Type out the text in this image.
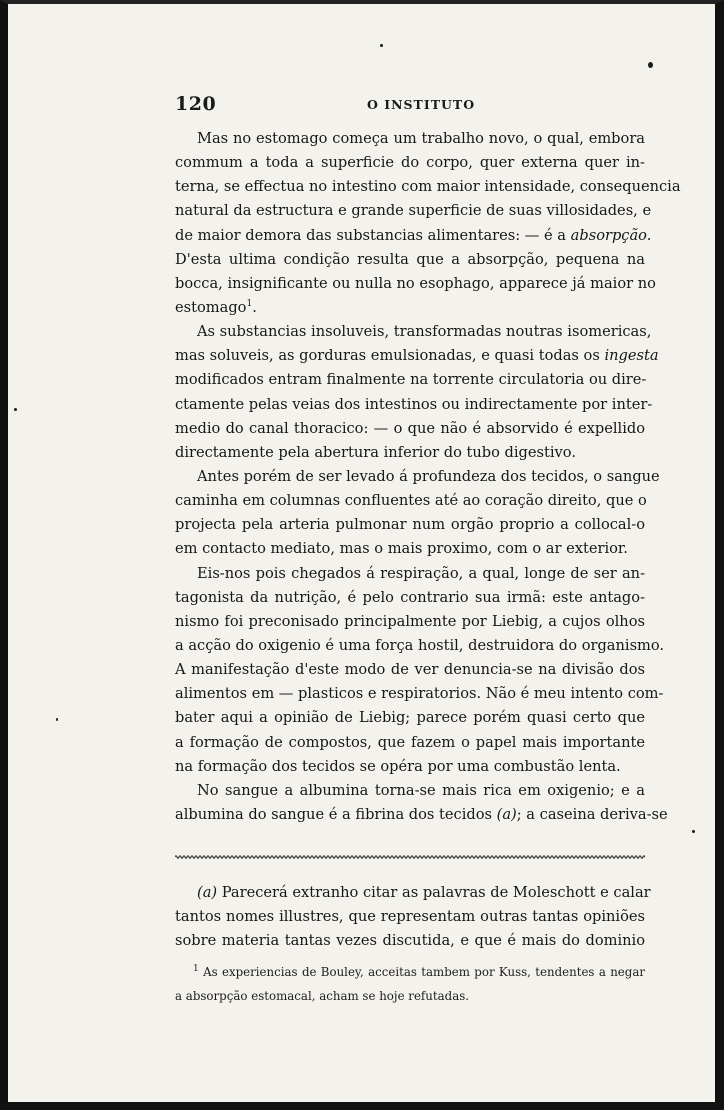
120	O INSTITUTO
Mas no estomago começa um trabalho novo, o qual, embora
commum a toda a superficie do corpo, quer externa quer in-
terna, se effectua no intestino com maior intensidade, consequencia
natural da estructura e grande superficie de suas villosidades, e
de maior demora das substancias alimentares: — é a absorpção.
D'esta ultima condição resulta que a absorpção, pequena na
bocca, insignificante ou nulla no esophago, apparece já maior no
estomago$^1$.
As substancias insoluveis, transformadas noutras isomericas,
mas soluveis, as gorduras emulsionadas, e quasi todas os ingesta
modificados entram finalmente na torrente circulatoria ou dire-
ctamente pelas veias dos intestinos ou indirectamente por inter-
medio do canal thoracico: — o que não é absorvido é expellido
directamente pela abertura inferior do tubo digestivo.
Antes porém de ser levado á profundeza dos tecidos, o sangue
caminha em columnas confluentes até ao coração direito, que o
projecta pela arteria pulmonar num orgão proprio a collocal-o
em contacto mediato, mas o mais proximo, com o ar exterior.
Eis-nos pois chegados á respiração, a qual, longe de ser an-
tagonista da nutrição, é pelo contrario sua irmã: este antago-
nismo foi preconisado principalmente por Liebig, a cujos olhos
a acção do oxigenio é uma força hostil, destruidora do organismo.
A manifestação d'este modo de ver denuncia-se na divisão dos
alimentos em — plasticos e respiratorios. Não é meu intento com-
bater aqui a opinião de Liebig; parece porém quasi certo que
a formação de compostos, que fazem o papel mais importante
na formação dos tecidos se opéra por uma combustão lenta.
No sangue a albumina torna-se mais rica em oxigenio; e a
albumina do sangue é a fibrina dos tecidos (a); a caseina deriva-se
(a) Parecerá extranho citar as palavras de Moleschott e calar
tantos nomes illustres, que representam outras tantas opiniões
sobre materia tantas vezes discutida, e que é mais do dominio
$^1$ As experiencias de Bouley, acceitas tambem por Kuss, tendentes a negar
a absorpção estomacal, acham se hoje refutadas.
